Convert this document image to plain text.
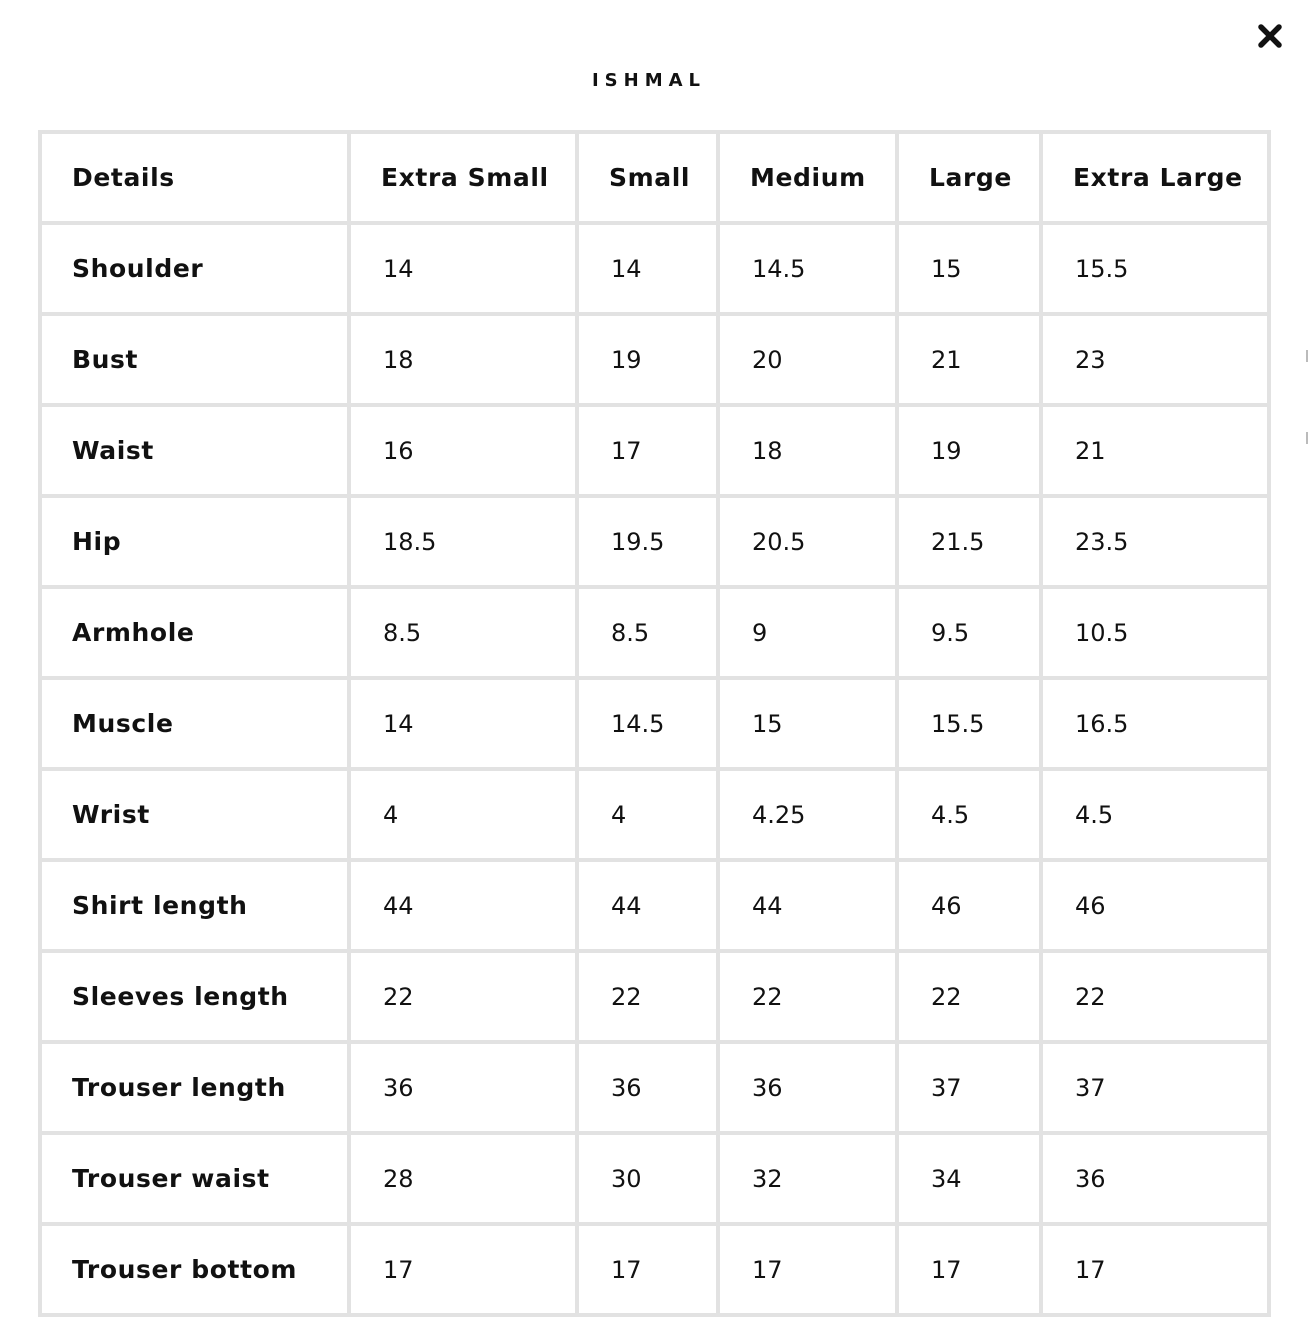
ISHMAL
Details	Extra Small	Small	Medium	Large	Extra Large
Shoulder	14	14	14.5	15	15.5
Bust	18	19	20	21	23
Waist	16	17	18	19	21
Hip	18.5	19.5	20.5	21.5	23.5
Armhole	8.5	8.5	9	9.5	10.5
Muscle	14	14.5	15	15.5	16.5
Wrist	4	4	4.25	4.5	4.5
Shirt length	44	44	44	46	46
Sleeves length	22	22	22	22	22
Trouser length	36	36	36	37	37
Trouser waist	28	30	32	34	36
Trouser bottom	17	17	17	17	17
